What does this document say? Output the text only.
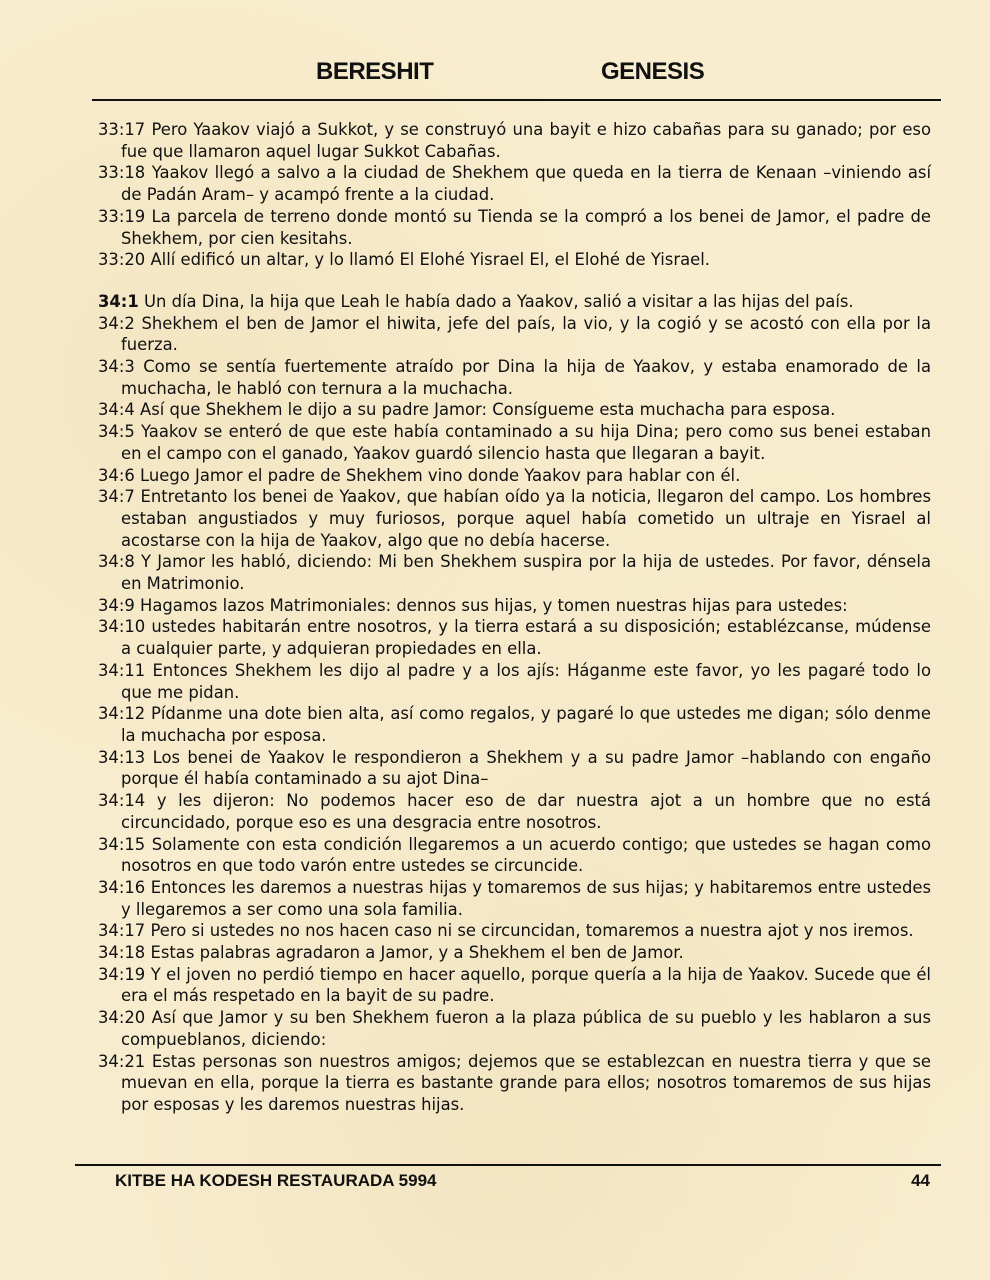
BERESHIT	GENESIS

33:17 Pero Yaakov viajó a Sukkot, y se construyó una bayit e hizo cabañas para su ganado; por eso fue que llamaron aquel lugar Sukkot Cabañas.

33:18 Yaakov llegó a salvo a la ciudad de Shekhem que queda en la tierra de Kenaan –viniendo así de Padán Aram– y acampó frente a la ciudad.

33:19 La parcela de terreno donde montó su Tienda se la compró a los benei de Jamor, el padre de Shekhem, por cien kesitahs.

33:20 Allí edificó un altar, y lo llamó El Elohé Yisrael El, el Elohé de Yisrael.

34:1 Un día Dina, la hija que Leah le había dado a Yaakov, salió a visitar a las hijas del país.

34:2 Shekhem el ben de Jamor el hiwita, jefe del país, la vio, y la cogió y se acostó con ella por la fuerza.

34:3 Como se sentía fuertemente atraído por Dina la hija de Yaakov, y estaba enamorado de la muchacha, le habló con ternura a la muchacha.

34:4 Así que Shekhem le dijo a su padre Jamor: Consígueme esta muchacha para esposa.

34:5 Yaakov se enteró de que este había contaminado a su hija Dina; pero como sus benei estaban en el campo con el ganado, Yaakov guardó silencio hasta que llegaran a bayit.

34:6 Luego Jamor el padre de Shekhem vino donde Yaakov para hablar con él.

34:7 Entretanto los benei de Yaakov, que habían oído ya la noticia, llegaron del campo. Los hombres estaban angustiados y muy furiosos, porque aquel había cometido un ultraje en Yisrael al acostarse con la hija de Yaakov, algo que no debía hacerse.

34:8 Y Jamor les habló, diciendo: Mi ben Shekhem suspira por la hija de ustedes. Por favor, dénsela en Matrimonio.

34:9 Hagamos lazos Matrimoniales: dennos sus hijas, y tomen nuestras hijas para ustedes:

34:10 ustedes habitarán entre nosotros, y la tierra estará a su disposición; establézcanse, múdense a cualquier parte, y adquieran propiedades en ella.

34:11 Entonces Shekhem les dijo al padre y a los ajís: Háganme este favor, yo les pagaré todo lo que me pidan.

34:12 Pídanme una dote bien alta, así como regalos, y pagaré lo que ustedes me digan; sólo denme la muchacha por esposa.

34:13 Los benei de Yaakov le respondieron a Shekhem y a su padre Jamor –hablando con engaño porque él había contaminado a su ajot Dina–

34:14 y les dijeron: No podemos hacer eso de dar nuestra ajot a un hombre que no está circuncidado, porque eso es una desgracia entre nosotros.

34:15 Solamente con esta condición llegaremos a un acuerdo contigo; que ustedes se hagan como nosotros en que todo varón entre ustedes se circuncide.

34:16 Entonces les daremos a nuestras hijas y tomaremos de sus hijas; y habitaremos entre ustedes y llegaremos a ser como una sola familia.

34:17 Pero si ustedes no nos hacen caso ni se circuncidan, tomaremos a nuestra ajot y nos iremos.

34:18 Estas palabras agradaron a Jamor, y a Shekhem el ben de Jamor.

34:19 Y el joven no perdió tiempo en hacer aquello, porque quería a la hija de Yaakov. Sucede que él era el más respetado en la bayit de su padre.

34:20 Así que Jamor y su ben Shekhem fueron a la plaza pública de su pueblo y les hablaron a sus compueblanos, diciendo:

34:21 Estas personas son nuestros amigos; dejemos que se establezcan en nuestra tierra y que se muevan en ella, porque la tierra es bastante grande para ellos; nosotros tomaremos de sus hijas por esposas y les daremos nuestras hijas.

KITBE HA KODESH RESTAURADA 5994	44
